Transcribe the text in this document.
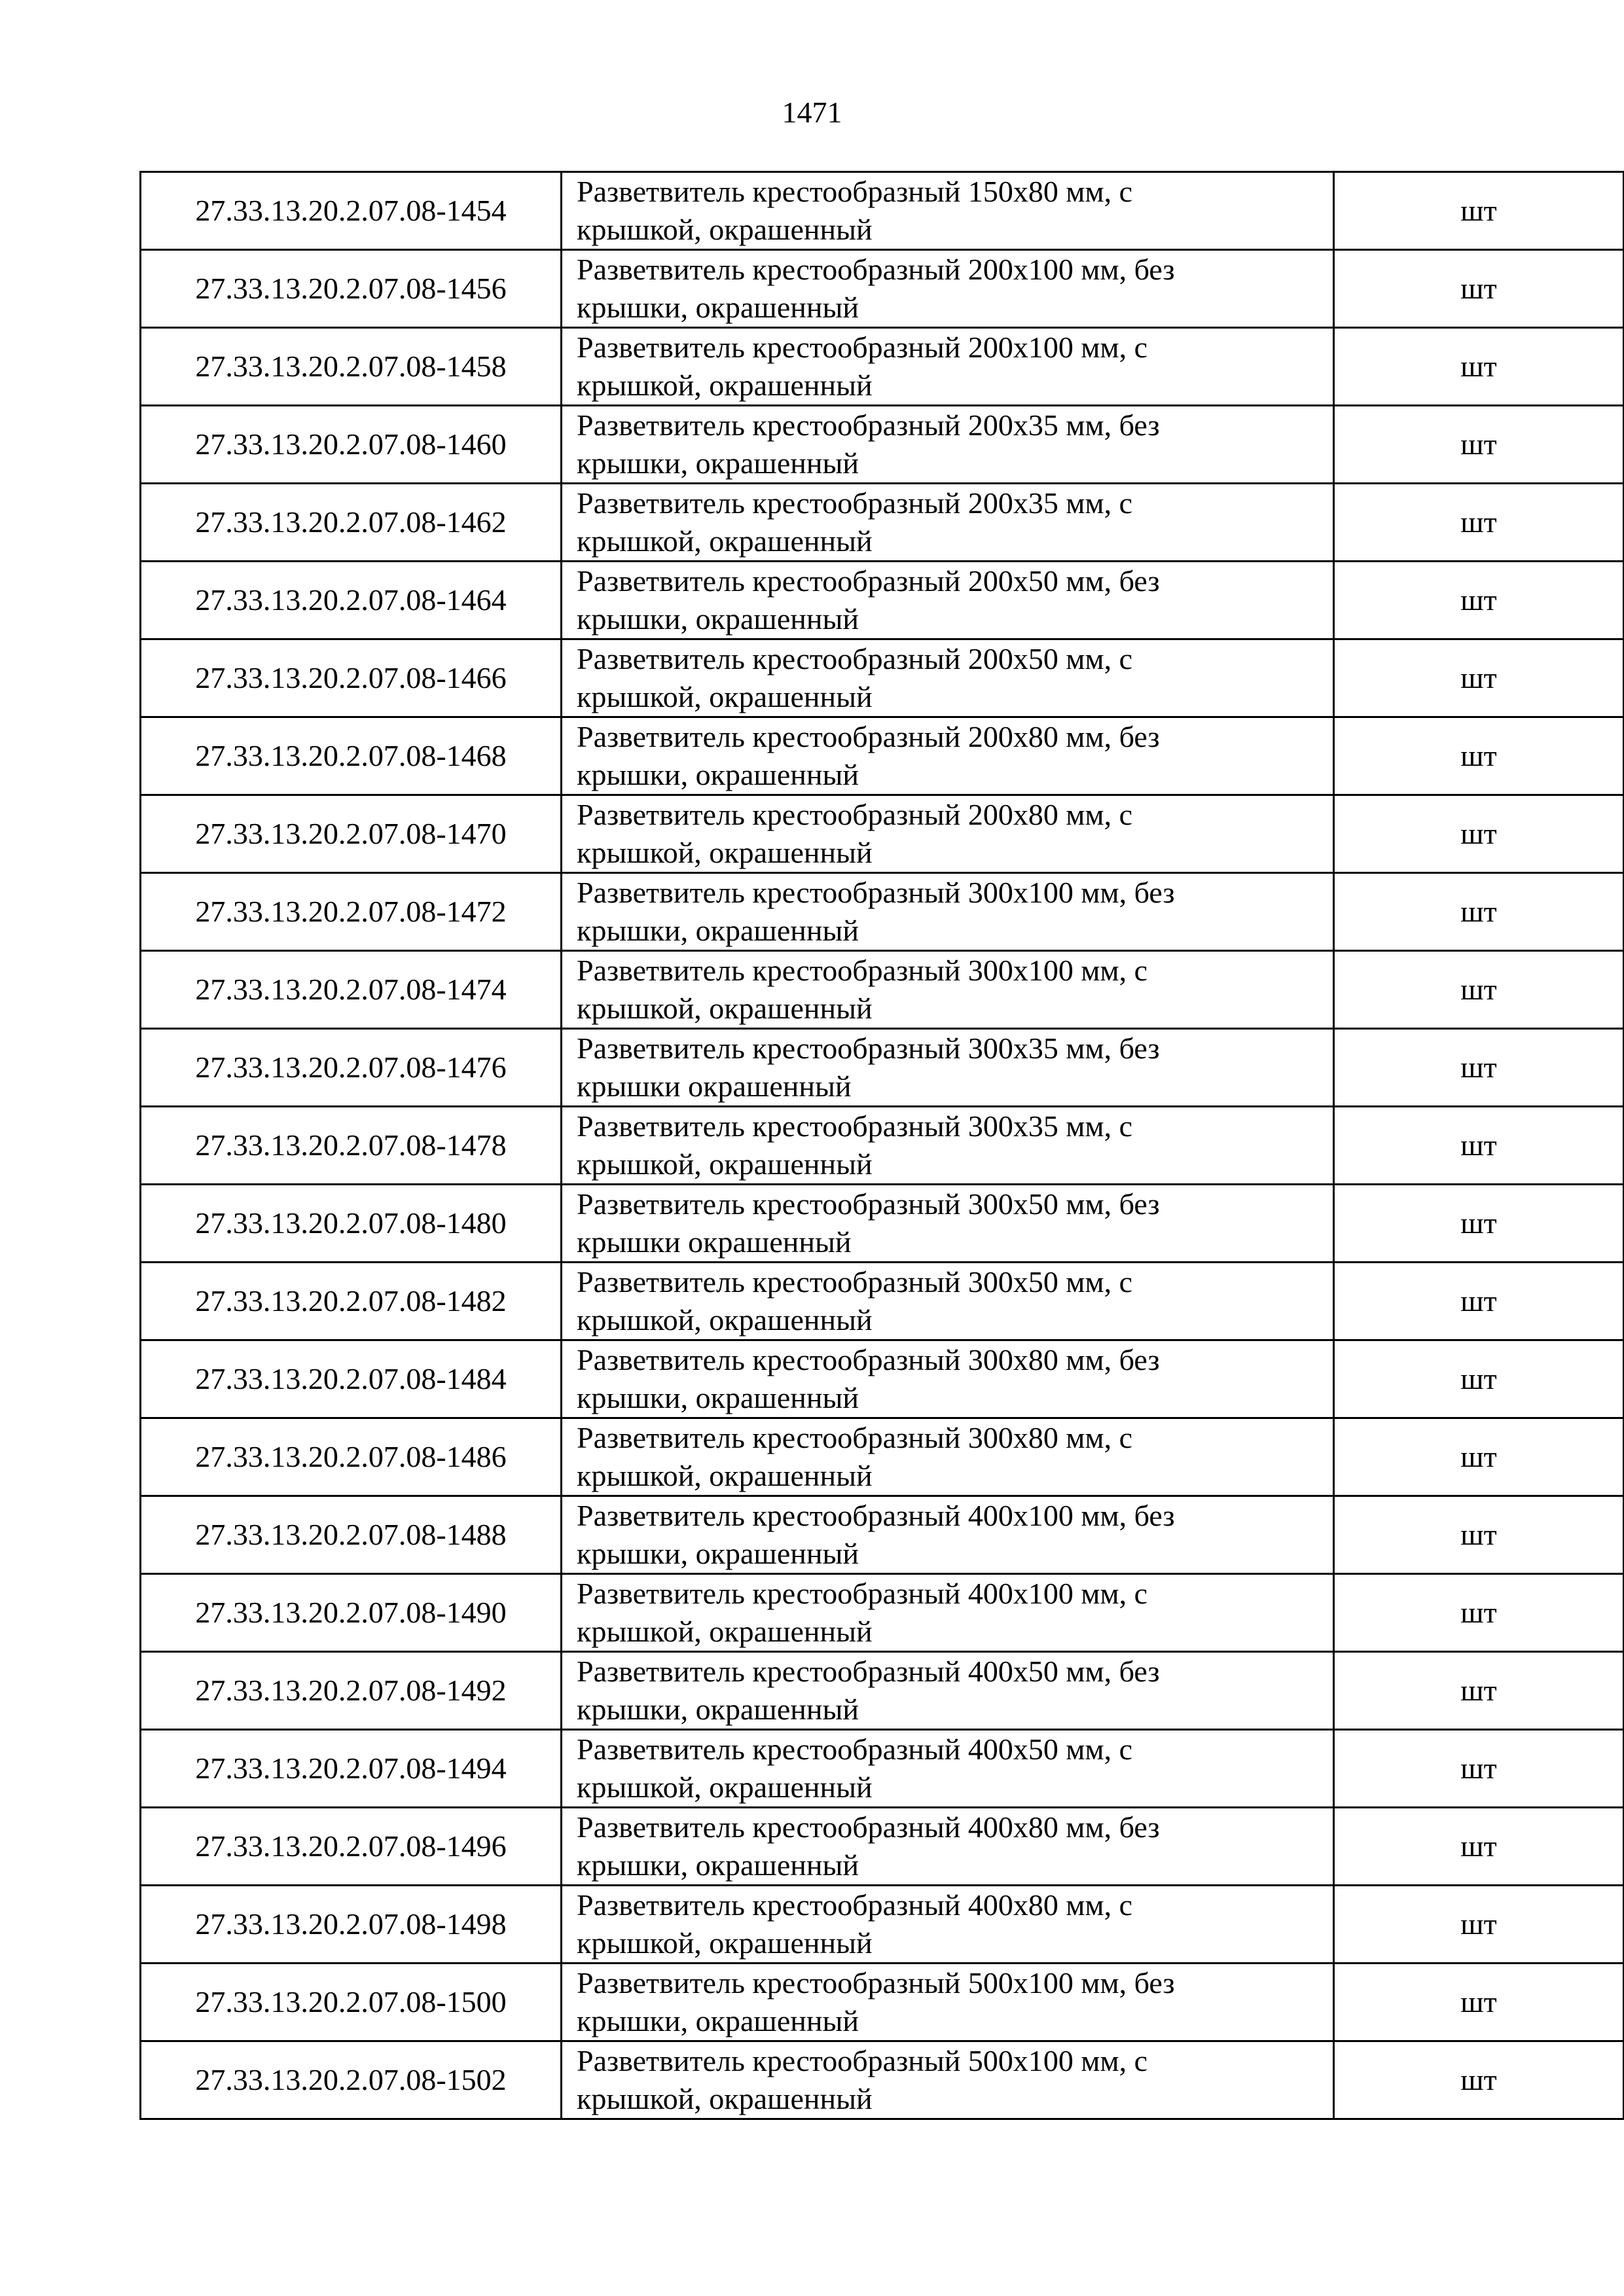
1471
27.33.13.20.2.07.08-1454	Разветвитель крестообразный 150х80 мм, с
крышкой, окрашенный	шт
27.33.13.20.2.07.08-1456	Разветвитель крестообразный 200х100 мм, без
крышки, окрашенный	шт
27.33.13.20.2.07.08-1458	Разветвитель крестообразный 200х100 мм, с
крышкой, окрашенный	шт
27.33.13.20.2.07.08-1460	Разветвитель крестообразный 200х35 мм, без
крышки, окрашенный	шт
27.33.13.20.2.07.08-1462	Разветвитель крестообразный 200х35 мм, с
крышкой, окрашенный	шт
27.33.13.20.2.07.08-1464	Разветвитель крестообразный 200х50 мм, без
крышки, окрашенный	шт
27.33.13.20.2.07.08-1466	Разветвитель крестообразный 200х50 мм, с
крышкой, окрашенный	шт
27.33.13.20.2.07.08-1468	Разветвитель крестообразный 200х80 мм, без
крышки, окрашенный	шт
27.33.13.20.2.07.08-1470	Разветвитель крестообразный 200х80 мм, с
крышкой, окрашенный	шт
27.33.13.20.2.07.08-1472	Разветвитель крестообразный 300х100 мм, без
крышки, окрашенный	шт
27.33.13.20.2.07.08-1474	Разветвитель крестообразный 300х100 мм, с
крышкой, окрашенный	шт
27.33.13.20.2.07.08-1476	Разветвитель крестообразный 300х35 мм, без
крышки окрашенный	шт
27.33.13.20.2.07.08-1478	Разветвитель крестообразный 300х35 мм, с
крышкой, окрашенный	шт
27.33.13.20.2.07.08-1480	Разветвитель крестообразный 300х50 мм, без
крышки окрашенный	шт
27.33.13.20.2.07.08-1482	Разветвитель крестообразный 300х50 мм, с
крышкой, окрашенный	шт
27.33.13.20.2.07.08-1484	Разветвитель крестообразный 300х80 мм, без
крышки, окрашенный	шт
27.33.13.20.2.07.08-1486	Разветвитель крестообразный 300х80 мм, с
крышкой, окрашенный	шт
27.33.13.20.2.07.08-1488	Разветвитель крестообразный 400х100 мм, без
крышки, окрашенный	шт
27.33.13.20.2.07.08-1490	Разветвитель крестообразный 400х100 мм, с
крышкой, окрашенный	шт
27.33.13.20.2.07.08-1492	Разветвитель крестообразный 400х50 мм, без
крышки, окрашенный	шт
27.33.13.20.2.07.08-1494	Разветвитель крестообразный 400х50 мм, с
крышкой, окрашенный	шт
27.33.13.20.2.07.08-1496	Разветвитель крестообразный 400х80 мм, без
крышки, окрашенный	шт
27.33.13.20.2.07.08-1498	Разветвитель крестообразный 400х80 мм, с
крышкой, окрашенный	шт
27.33.13.20.2.07.08-1500	Разветвитель крестообразный 500х100 мм, без
крышки, окрашенный	шт
27.33.13.20.2.07.08-1502	Разветвитель крестообразный 500х100 мм, с
крышкой, окрашенный	шт
